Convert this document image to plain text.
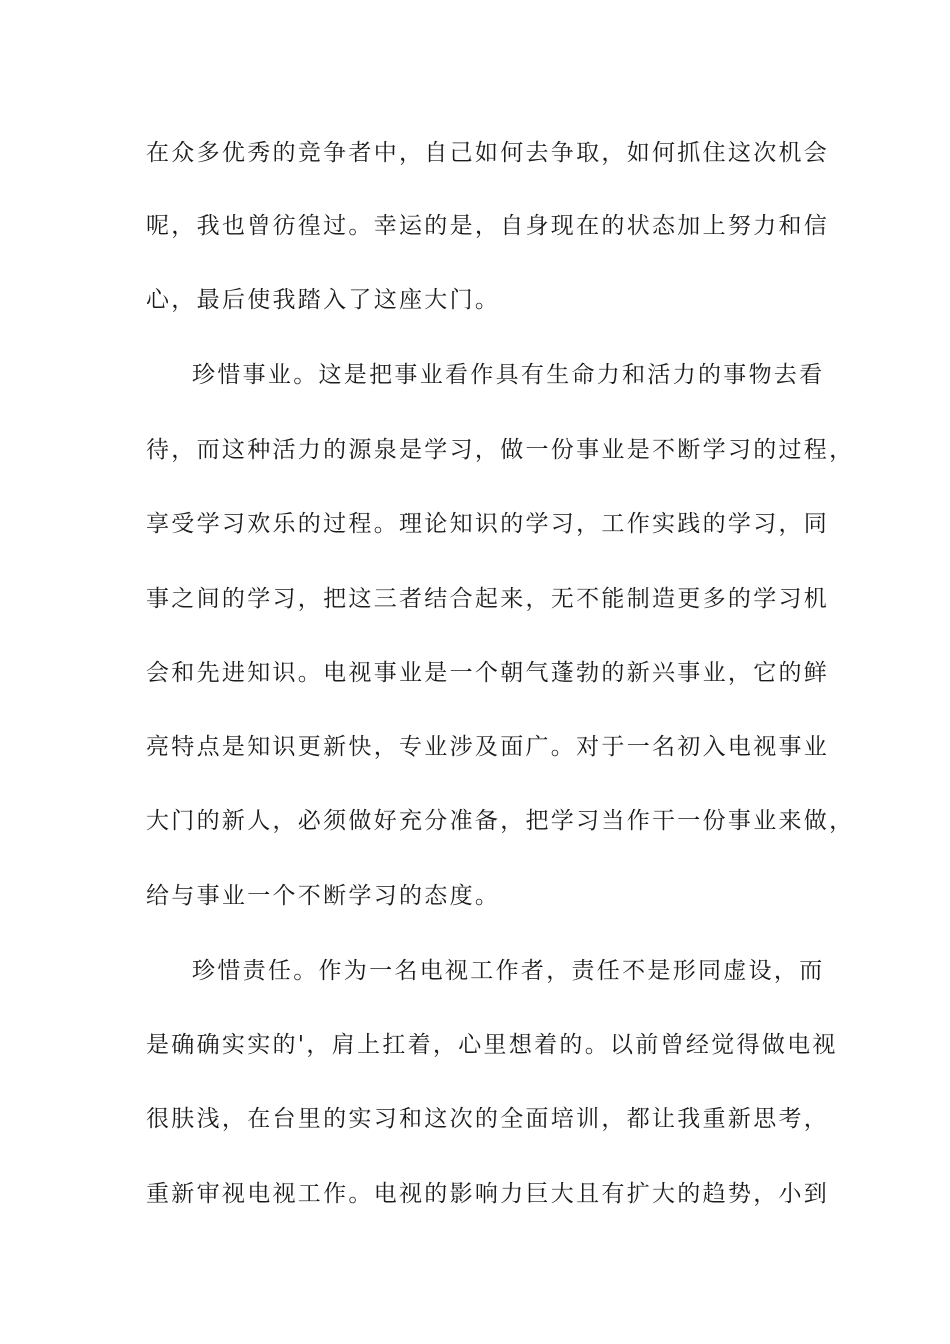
在众多优秀的竞争者中，自己如何去争取，如何抓住这次机会
呢，我也曾彷徨过。幸运的是，自身现在的状态加上努力和信
心，最后使我踏入了这座大门。
珍惜事业。这是把事业看作具有生命力和活力的事物去看
待，而这种活力的源泉是学习，做一份事业是不断学习的过程，
享受学习欢乐的过程。理论知识的学习，工作实践的学习，同
事之间的学习，把这三者结合起来，无不能制造更多的学习机
会和先进知识。电视事业是一个朝气蓬勃的新兴事业，它的鲜
亮特点是知识更新快，专业涉及面广。对于一名初入电视事业
大门的新人，必须做好充分准备，把学习当作干一份事业来做，
给与事业一个不断学习的态度。
珍惜责任。作为一名电视工作者，责任不是形同虚设，而
是确确实实的'，肩上扛着，心里想着的。以前曾经觉得做电视
很肤浅，在台里的实习和这次的全面培训，都让我重新思考，
重新审视电视工作。电视的影响力巨大且有扩大的趋势，小到
